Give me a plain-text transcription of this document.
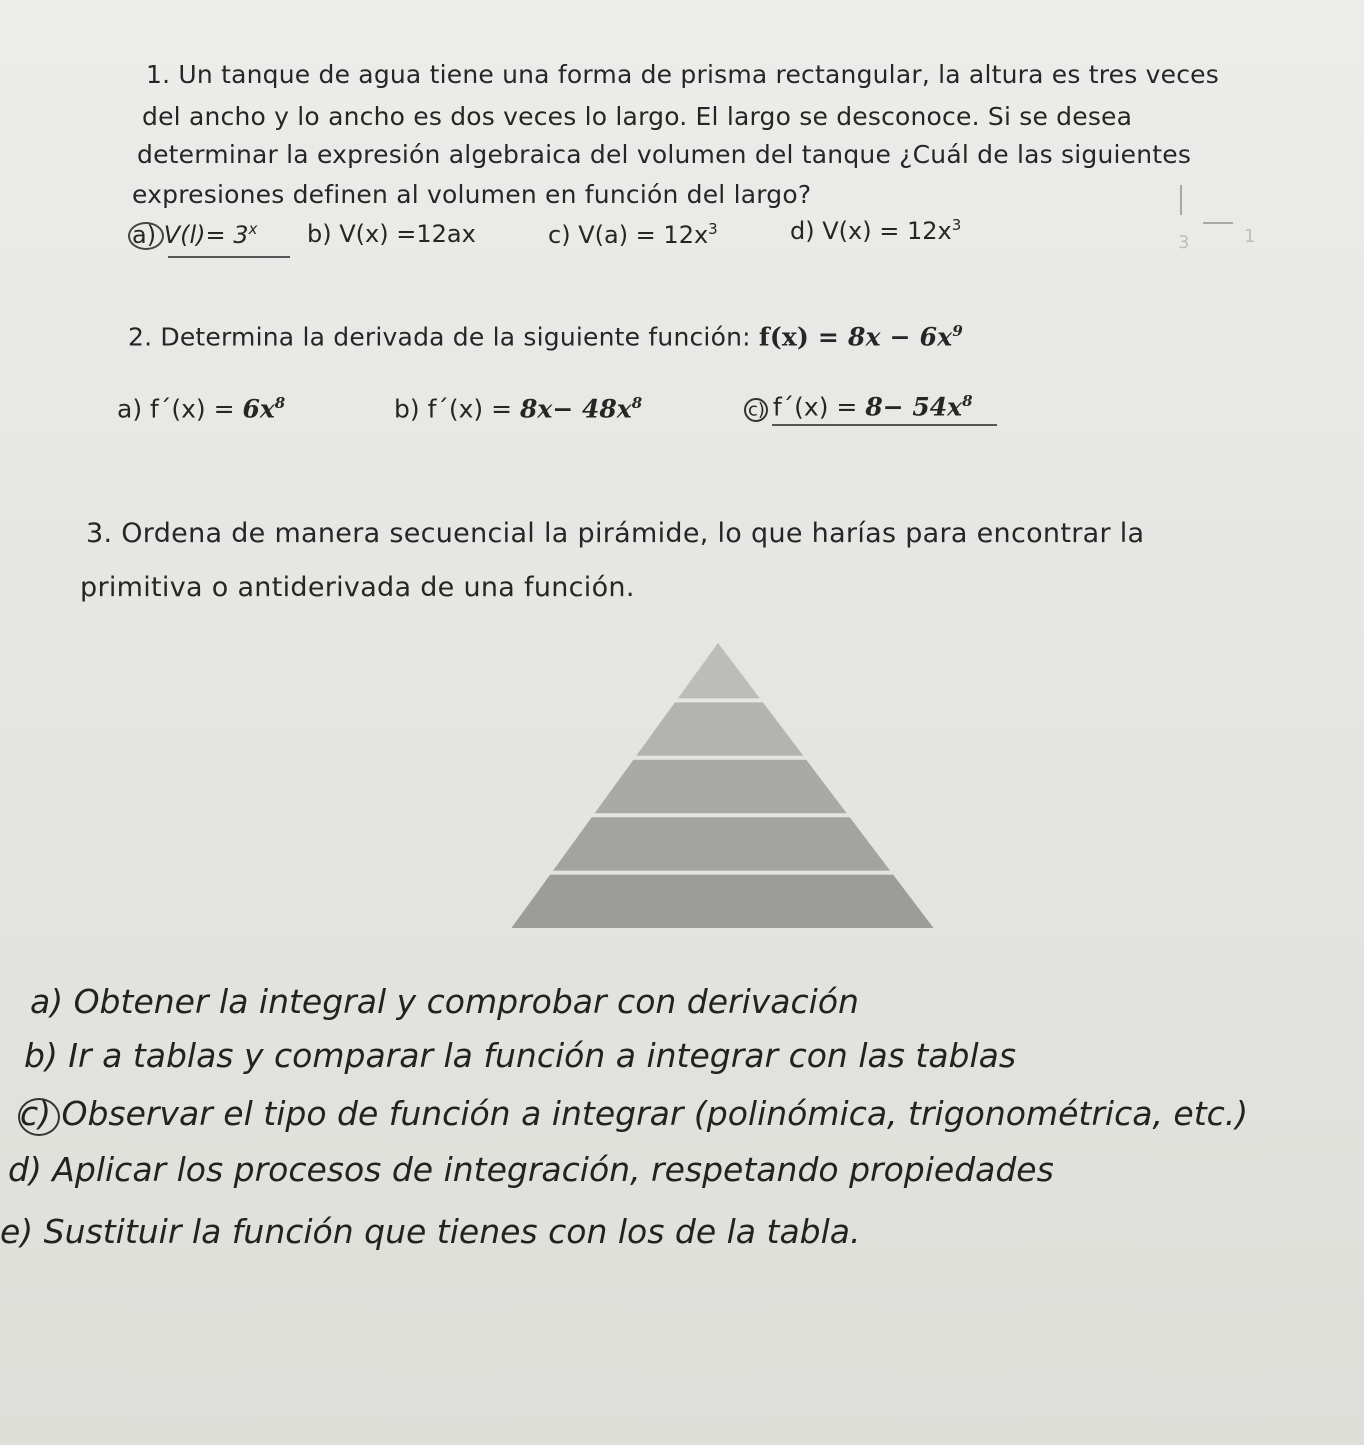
1. Un tanque de agua tiene una forma de prisma rectangular, la altura es tres veces
del ancho y lo ancho es dos veces lo largo. El largo se desconoce. Si se desea
determinar la expresión algebraica del volumen del tanque ¿Cuál de las siguientes
expresiones definen al volumen en función del largo?
a) $V(l)= 3^x$ b) V(x) =12ax	c) $V(a) = 12x^3$	d) $V(x) = 12x^3$
3	1
2. Determina la derivada de la siguiente función: $f(x) = 8x - 6x^9$
a) f´(x) = $6x^8$	b) f´(x) = $8x- 48x^8$	c) f´(x) = $8- 54x^8$
3. Ordena de manera secuencial la pirámide, lo que harías para encontrar la
primitiva o antiderivada de una función.
a) Obtener la integral y comprobar con derivación
b) Ir a tablas y comparar la función a integrar con las tablas
c) Observar el tipo de función a integrar (polinómica, trigonométrica, etc.)
d) Aplicar los procesos de integración, respetando propiedades
e) Sustituir la función que tienes con los de la tabla.
